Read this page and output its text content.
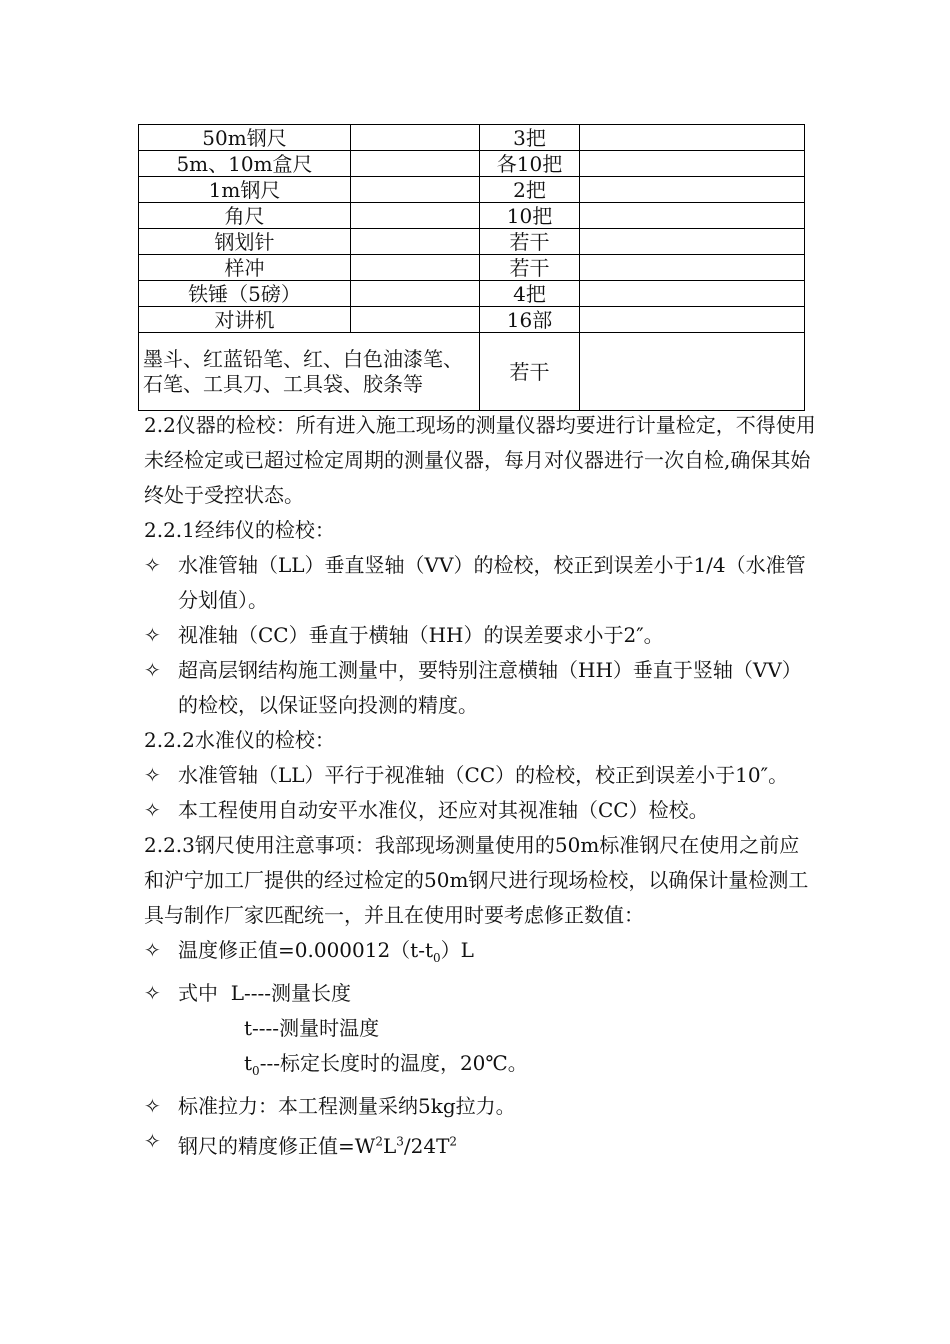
50m钢尺		3把	
5m、10m盒尺		各10把	
1m钢尺		2把	
角尺		10把	
钢划针		若干	
样冲		若干	
铁锤（5磅）		4把	
对讲机		16部	
墨斗、红蓝铅笔、红、白色油漆笔、石笔、工具刀、工具袋、胶条等		若干	

2.2仪器的检校：所有进入施工现场的测量仪器均要进行计量检定，不得使用未经检定或已超过检定周期的测量仪器，每月对仪器进行一次自检,确保其始终处于受控状态。

2.2.1经纬仪的检校：

✧ 水准管轴（LL）垂直竖轴（VV）的检校，校正到误差小于1/4（水准管分划值）。

✧ 视准轴（CC）垂直于横轴（HH）的误差要求小于2″。

✧ 超高层钢结构施工测量中，要特别注意横轴（HH）垂直于竖轴（VV）的检校，以保证竖向投测的精度。

2.2.2水准仪的检校：

✧ 水准管轴（LL）平行于视准轴（CC）的检校，校正到误差小于10″。

✧ 本工程使用自动安平水准仪，还应对其视准轴（CC）检校。

2.2.3钢尺使用注意事项：我部现场测量使用的50m标准钢尺在使用之前应和沪宁加工厂提供的经过检定的50m钢尺进行现场检校，以确保计量检测工具与制作厂家匹配统一，并且在使用时要考虑修正数值：

✧ 温度修正值$=0.000012(t-t_0)L$

✧ 式中  L----测量长度

t----测量时温度

$t_0---$标定长度时的温度，20℃。

✧ 标准拉力：本工程测量采纳5kg拉力。

✧ 钢尺的精度修正值$=W^2L^3/24T^2$
